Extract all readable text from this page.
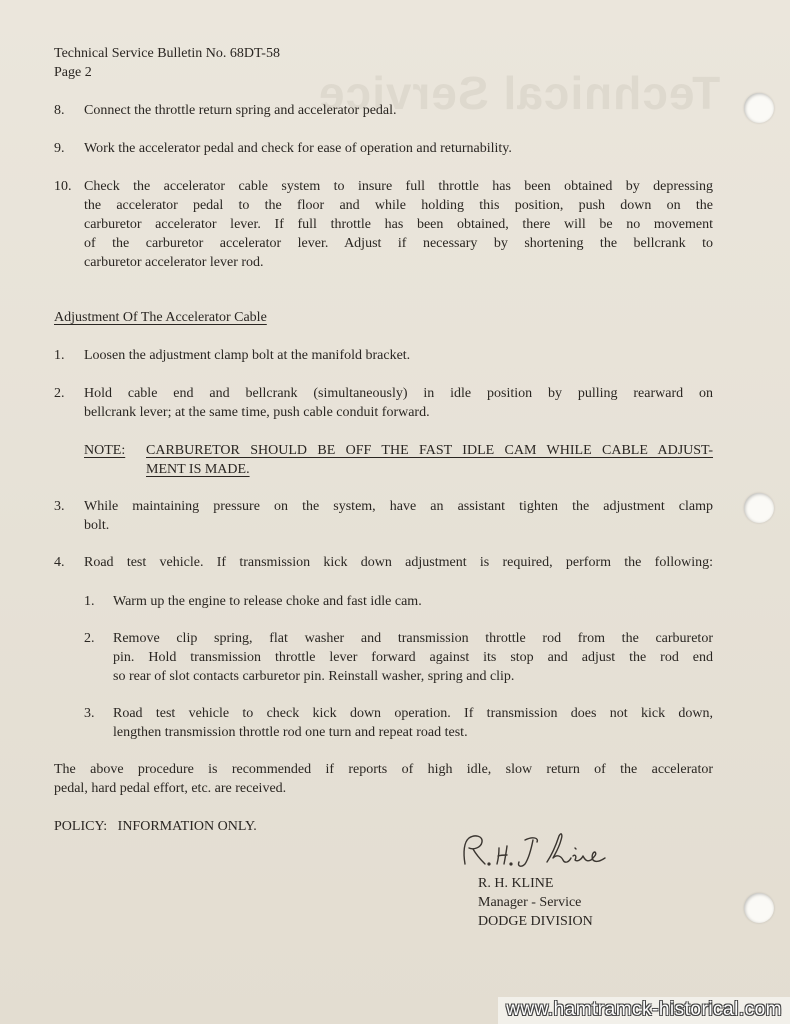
Technical Service
Technical Service Bulletin No. 68DT-58
Page 2
8. Connect the throttle return spring and accelerator pedal.
9. Work the accelerator pedal and check for ease of operation and returnability.
10. Check the accelerator cable system to insure full throttle has been obtained by depressing
the accelerator pedal to the floor and while holding this position, push down on the
carburetor accelerator lever. If full throttle has been obtained, there will be no movement
of the carburetor accelerator lever. Adjust if necessary by shortening the bellcrank to
carburetor accelerator lever rod.
Adjustment Of The Accelerator Cable
1. Loosen the adjustment clamp bolt at the manifold bracket.
2. Hold cable end and bellcrank (simultaneously) in idle position by pulling rearward on
bellcrank lever; at the same time, push cable conduit forward.
NOTE: CARBURETOR SHOULD BE OFF THE FAST IDLE CAM WHILE CABLE ADJUST-
MENT IS MADE.
3. While maintaining pressure on the system, have an assistant tighten the adjustment clamp
bolt.
4. Road test vehicle. If transmission kick down adjustment is required, perform the following:
1. Warm up the engine to release choke and fast idle cam.
2. Remove clip spring, flat washer and transmission throttle rod from the carburetor
pin. Hold transmission throttle lever forward against its stop and adjust the rod end
so rear of slot contacts carburetor pin. Reinstall washer, spring and clip.
3. Road test vehicle to check kick down operation. If transmission does not kick down,
lengthen transmission throttle rod one turn and repeat road test.
The above procedure is recommended if reports of high idle, slow return of the accelerator
pedal, hard pedal effort, etc. are received.
POLICY:   INFORMATION ONLY.
R. H. KLINE
Manager - Service
DODGE DIVISION
www.hamtramck-historical.com
